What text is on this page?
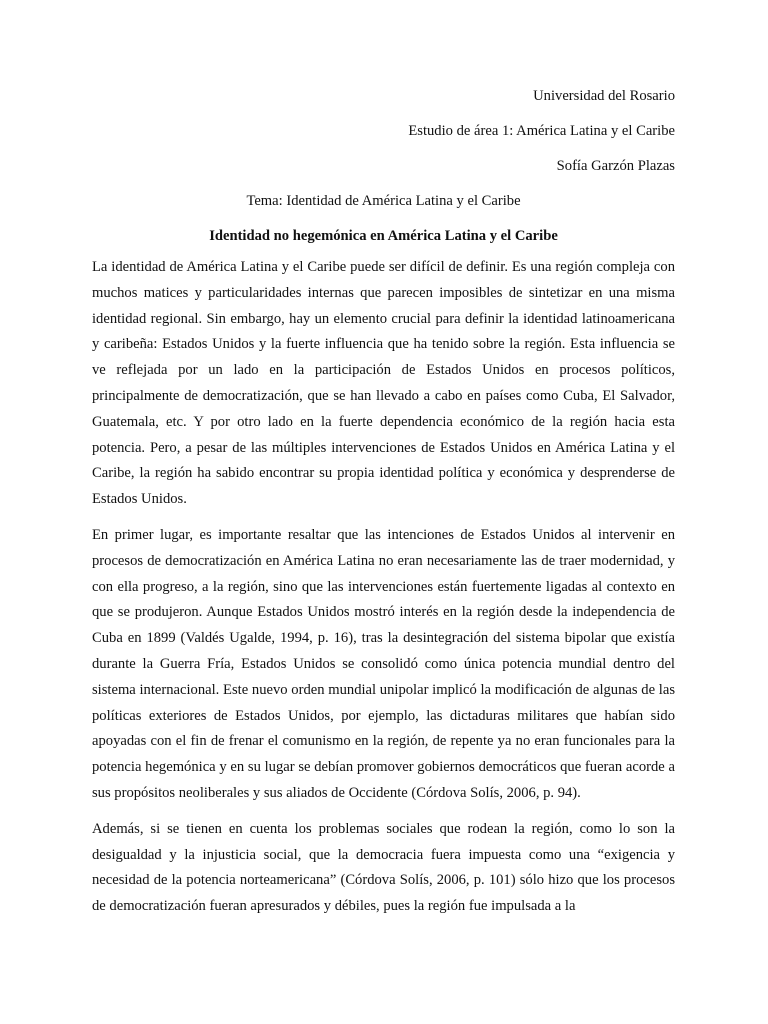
Universidad del Rosario
Estudio de área 1: América Latina y el Caribe
Sofía Garzón Plazas
Tema: Identidad de América Latina y el Caribe
Identidad no hegemónica en América Latina y el Caribe

La identidad de América Latina y el Caribe puede ser difícil de definir. Es una región compleja con muchos matices y particularidades internas que parecen imposibles de sintetizar en una misma identidad regional. Sin embargo, hay un elemento crucial para definir la identidad latinoamericana y caribeña: Estados Unidos y la fuerte influencia que ha tenido sobre la región. Esta influencia se ve reflejada por un lado en la participación de Estados Unidos en procesos políticos, principalmente de democratización, que se han llevado a cabo en países como Cuba, El Salvador, Guatemala, etc. Y por otro lado en la fuerte dependencia económico de la región hacia esta potencia. Pero, a pesar de las múltiples intervenciones de Estados Unidos en América Latina y el Caribe, la región ha sabido encontrar su propia identidad política y económica y desprenderse de Estados Unidos.

En primer lugar, es importante resaltar que las intenciones de Estados Unidos al intervenir en procesos de democratización en América Latina no eran necesariamente las de traer modernidad, y con ella progreso, a la región, sino que las intervenciones están fuertemente ligadas al contexto en que se produjeron. Aunque Estados Unidos mostró interés en la región desde la independencia de Cuba en 1899 (Valdés Ugalde, 1994, p. 16), tras la desintegración del sistema bipolar que existía durante la Guerra Fría, Estados Unidos se consolidó como única potencia mundial dentro del sistema internacional. Este nuevo orden mundial unipolar implicó la modificación de algunas de las políticas exteriores de Estados Unidos, por ejemplo, las dictaduras militares que habían sido apoyadas con el fin de frenar el comunismo en la región, de repente ya no eran funcionales para la potencia hegemónica y en su lugar se debían promover gobiernos democráticos que fueran acorde a sus propósitos neoliberales y sus aliados de Occidente (Córdova Solís, 2006, p. 94).

Además, si se tienen en cuenta los problemas sociales que rodean la región, como lo son la desigualdad y la injusticia social, que la democracia fuera impuesta como una “exigencia y necesidad de la potencia norteamericana” (Córdova Solís, 2006, p. 101) sólo hizo que los procesos de democratización fueran apresurados y débiles, pues la región fue impulsada a la
